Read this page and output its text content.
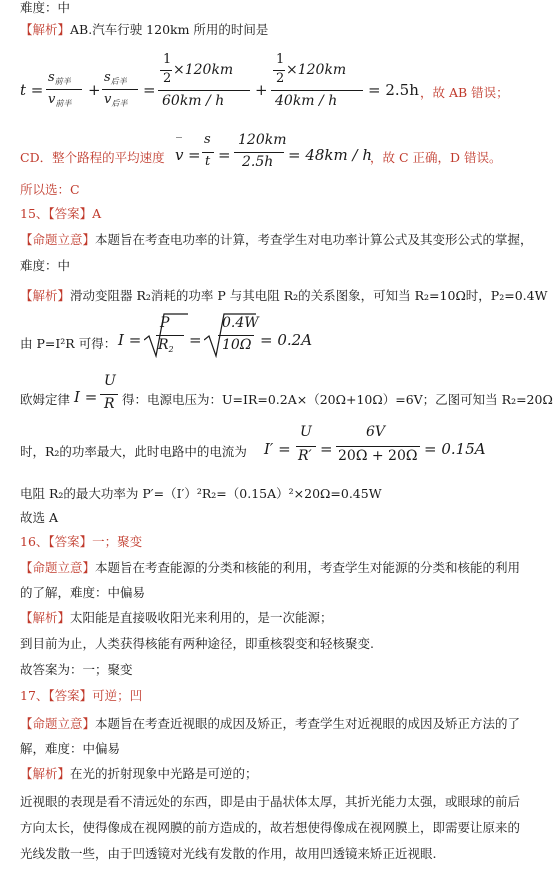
难度：中
【解析】AB.汽车行驶 120km 所用的时间是
t =
$s_{前半}$
$v_{前半}$
+
$s_{后半}$
$v_{后半}$
=
1
2
×120km
60km / h
+
1
2
×120km
40km / h
= 2.5h ，故 AB 错误；
CD．整个路程的平均速度
‾
v =
s
t =
120km
2.5h = 48km / h
，故 C 正确，D 错误。
所以选：C
15、【答案】A
【命题立意】本题旨在考查电功率的计算，考查学生对电功率计算公式及其变形公式的掌握，
难度：中
【解析】滑动变阻器 R₂消耗的功率 P 与其电阻 R₂的关系图象，可知当 R₂=10Ω时，P₂=0.4W
由 P=I²R 可得： I =
P
$R_2$
=
0.4W
10Ω = 0.2A
欧姆定律 I =
U
R 得：电源电压为：U=IR=0.2A×（20Ω+10Ω）=6V；乙图可知当 R₂=20Ω
时，R₂的功率最大，此时电路中的电流为 I′ =
U
R′ =
6V
20Ω + 20Ω = 0.15A
电阻 R₂的最大功率为 P′=（I′）²R₂=（0.15A）²×20Ω=0.45W
故选 A
16、【答案】一；聚变
【命题立意】本题旨在考查能源的分类和核能的利用，考查学生对能源的分类和核能的利用
的了解，难度：中偏易
【解析】太阳能是直接吸收阳光来利用的，是一次能源；
到目前为止，人类获得核能有两种途径，即重核裂变和轻核聚变.
故答案为：一；聚变
17、【答案】可逆；凹
【命题立意】本题旨在考查近视眼的成因及矫正，考查学生对近视眼的成因及矫正方法的了
解，难度：中偏易
【解析】在光的折射现象中光路是可逆的；
近视眼的表现是看不清远处的东西，即是由于晶状体太厚，其折光能力太强，或眼球的前后
方向太长，使得像成在视网膜的前方造成的，故若想使得像成在视网膜上，即需要让原来的
光线发散一些，由于凹透镜对光线有发散的作用，故用凹透镜来矫正近视眼.
